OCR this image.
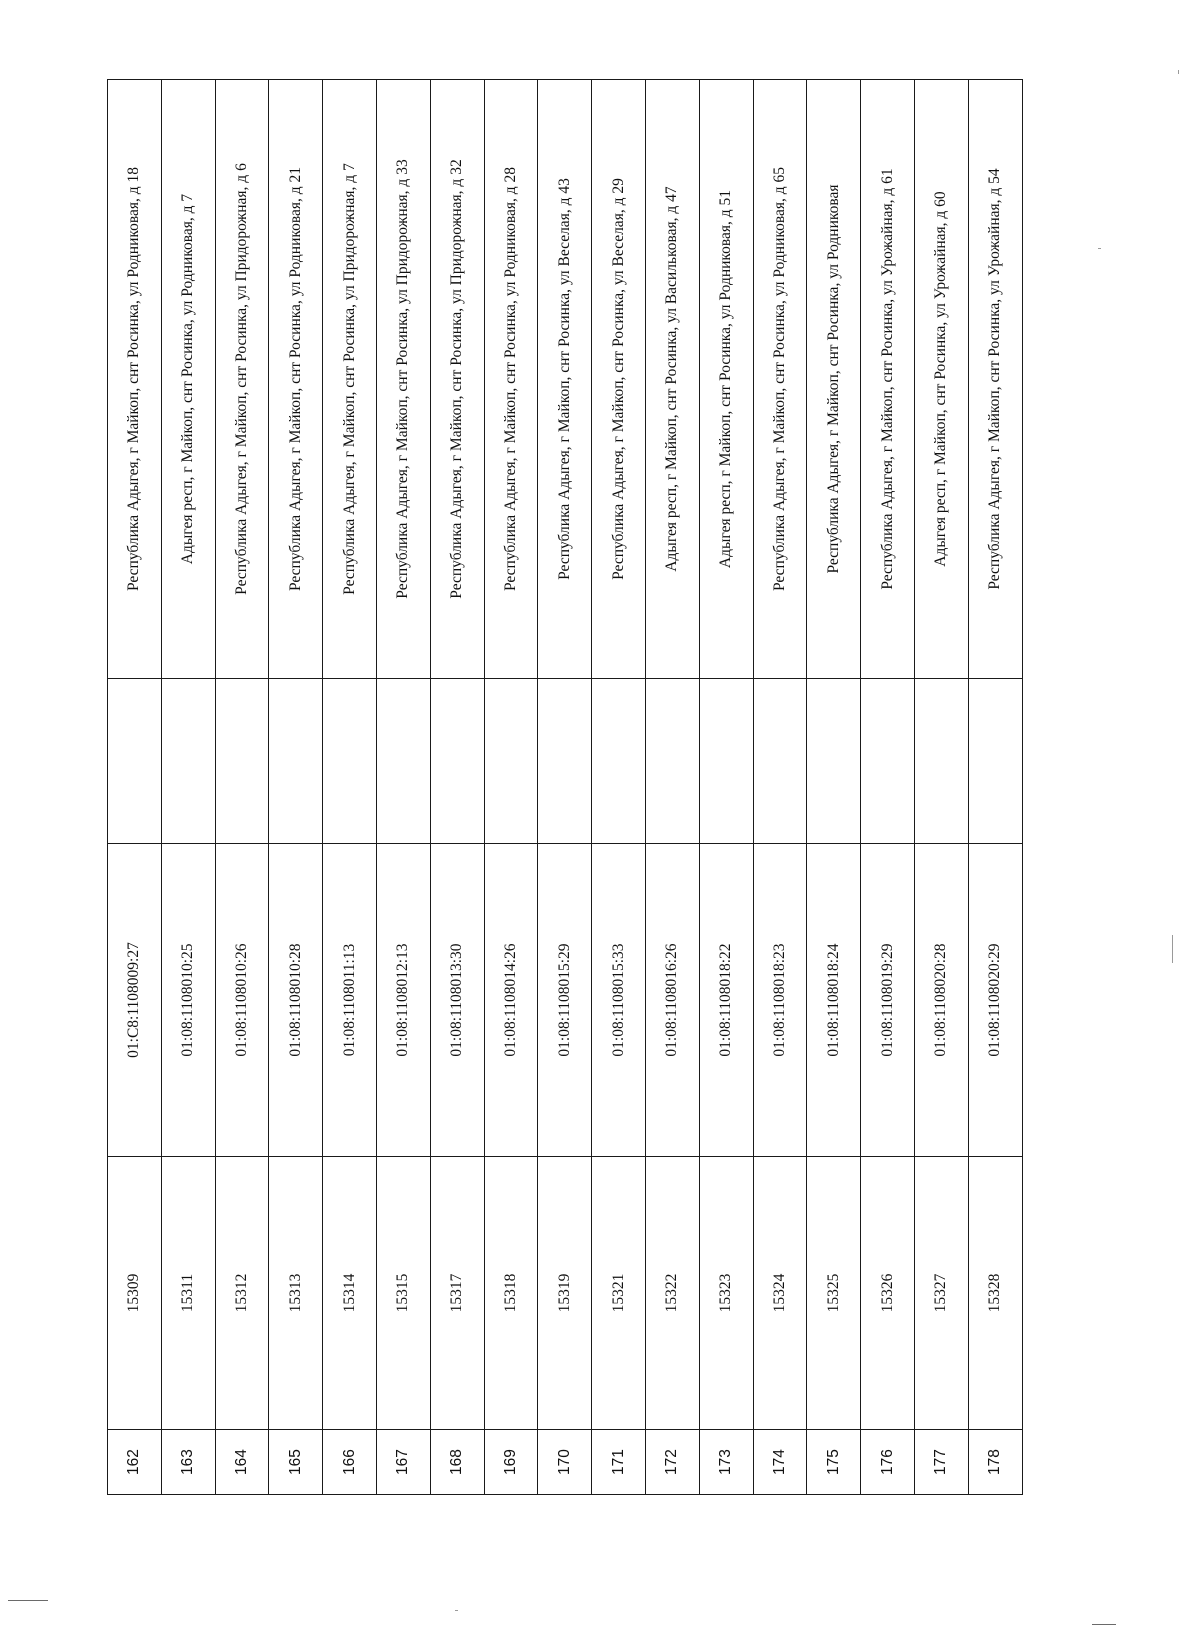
162	15309	01:C8:1108009:27		Республика Адыгея, г Майкоп, снт Росинка, ул Родниковая, д 18
163	15311	01:08:1108010:25		Адыгея респ, г Майкоп, снт Росинка, ул Родниковая, д 7
164	15312	01:08:1108010:26		Республика Адыгея, г Майкоп, снт Росинка, ул Придорожная, д 6
165	15313	01:08:1108010:28		Республика Адыгея, г Майкоп, снт Росинка, ул Родниковая, д 21
166	15314	01:08:1108011:13		Республика Адыгея, г Майкоп, снт Росинка, ул Придорожная, д 7
167	15315	01:08:1108012:13		Республика Адыгея, г Майкоп, снт Росинка, ул Придорожная, д 33
168	15317	01:08:1108013:30		Республика Адыгея, г Майкоп, снт Росинка, ул Придорожная, д 32
169	15318	01:08:1108014:26		Республика Адыгея, г Майкоп, снт Росинка, ул Родниковая, д 28
170	15319	01:08:1108015:29		Республика Адыгея, г Майкоп, снт Росинка, ул Веселая, д 43
171	15321	01:08:1108015:33		Республика Адыгея, г Майкоп, снт Росинка, ул Веселая, д 29
172	15322	01:08:1108016:26		Адыгея респ, г Майкоп, снт Росинка, ул Васильковая, д 47
173	15323	01:08:1108018:22		Адыгея респ, г Майкоп, снт Росинка, ул Родниковая, д 51
174	15324	01:08:1108018:23		Республика Адыгея, г Майкоп, снт Росинка, ул Родниковая, д 65
175	15325	01:08:1108018:24		Республика Адыгея, г Майкоп, снт Росинка, ул Родниковая
176	15326	01:08:1108019:29		Республика Адыгея, г Майкоп, снт Росинка, ул Урожайная, д 61
177	15327	01:08:1108020:28		Адыгея респ, г Майкоп, снт Росинка, ул Урожайная, д 60
178	15328	01:08:1108020:29		Республика Адыгея, г Майкоп, снт Росинка, ул Урожайная, д 54
